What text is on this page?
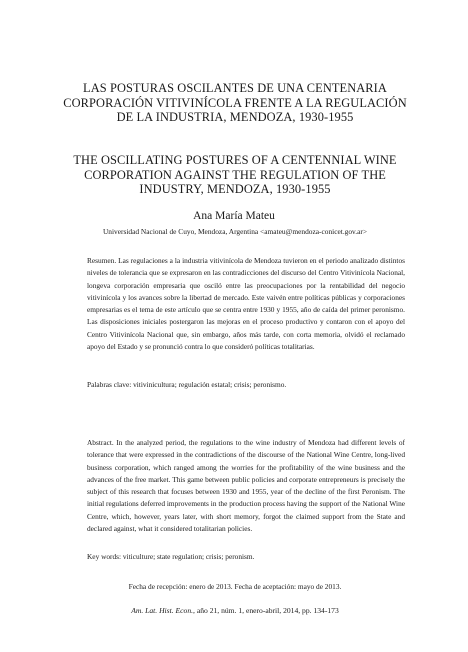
LAS POSTURAS OSCILANTES DE UNA CENTENARIA CORPORACIÓN VITIVINÍCOLA FRENTE A LA REGULACIÓN DE LA INDUSTRIA, MENDOZA, 1930-1955
THE OSCILLATING POSTURES OF A CENTENNIAL WINE CORPORATION AGAINST THE REGULATION OF THE INDUSTRY, MENDOZA, 1930-1955
Ana María Mateu
Universidad Nacional de Cuyo, Mendoza, Argentina <amateu@mendoza-conicet.gov.ar>

Resumen. Las regulaciones a la industria vitivinícola de Mendoza tuvieron en el periodo analizado distintos niveles de tolerancia que se expresaron en las contradicciones del discurso del Centro Vitivinícola Nacional, longeva corporación empresaria que osciló entre las preocupaciones por la rentabilidad del negocio vitivinícola y los avances sobre la libertad de mercado. Este vaivén entre políticas públicas y corporaciones empresarias es el tema de este artículo que se centra entre 1930 y 1955, año de caída del primer peronismo. Las disposiciones iniciales postergaron las mejoras en el proceso productivo y contaron con el apoyo del Centro Vitivinícola Nacional que, sin embargo, años más tarde, con corta memoria, olvidó el reclamado apoyo del Estado y se pronunció contra lo que consideró políticas totalitarias.

Palabras clave: vitivinicultura; regulación estatal; crisis; peronismo.

Abstract. In the analyzed period, the regulations to the wine industry of Mendoza had different levels of tolerance that were expressed in the contradictions of the discourse of the National Wine Centre, long-lived business corporation, which ranged among the worries for the profitability of the wine business and the advances of the free market. This game between public policies and corporate entrepreneurs is precisely the subject of this research that focuses between 1930 and 1955, year of the decline of the first Peronism. The initial regulations deferred improvements in the production process having the support of the National Wine Centre, which, however, years later, with short memory, forgot the claimed support from the State and declared against, what it considered totalitarian policies.

Key words: viticulture; state regulation; crisis; peronism.

Fecha de recepción: enero de 2013. Fecha de aceptación: mayo de 2013.
Am. Lat. Hist. Econ., año 21, núm. 1, enero-abril, 2014, pp. 134-173
